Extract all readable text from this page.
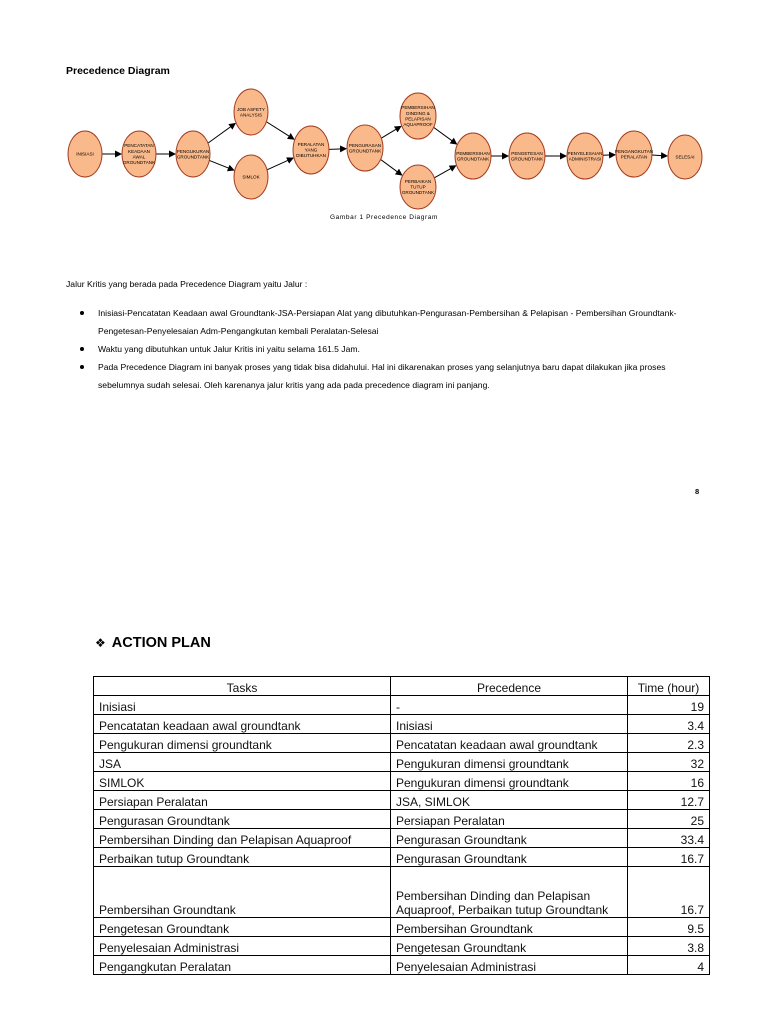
Precedence Diagram
INISIASI
PENCATATAN
KEADAAN
AWAL
GROUNDTANK
PENGUKURAN
GROUNDTANK
JOB ASFETY
ANALYSIS
SIMLOK
PERALATAN
YANG
DIBUTUHKAN
PENGURASAN
GROUNDTANK
PEMBERSIHAN
DINDING &
PELAPISAN
AQUAPROOF
PERBAIKAN
TUTUP
GROUNDTANK
PEMBERSIHAN
GROUNDTANK
PENGETESAN
GROUNDTANK
PENYELESAIAN
ADMINISTRASI
PENGANGKUTAN
PERALATAN	SELESAI
Gambar 1 Precedence Diagram
Jalur Kritis yang berada pada Precedence Diagram yaitu Jalur :
Inisiasi-Pencatatan Keadaan awal Groundtank-JSA-Persiapan Alat yang dibutuhkan-Pengurasan-Pembersihan & Pelapisan - Pembersihan Groundtank-Pengetesan-Penyelesaian Adm-Pengangkutan kembali Peralatan-Selesai
Waktu yang dibutuhkan untuk Jalur Kritis ini yaitu selama 161.5 Jam.
Pada Precedence Diagram ini banyak proses yang tidak bisa didahului. Hal ini dikarenakan proses yang selanjutnya baru dapat dilakukan jika proses sebelumnya sudah selesai. Oleh karenanya jalur kritis yang ada pada precedence diagram ini panjang.
8
❖ ACTION PLAN
Tasks	Precedence	Time (hour)
Inisiasi	-	19
Pencatatan keadaan awal groundtank	Inisiasi	3.4
Pengukuran dimensi groundtank	Pencatatan keadaan awal groundtank	2.3
JSA	Pengukuran dimensi groundtank	32
SIMLOK	Pengukuran dimensi groundtank	16
Persiapan Peralatan	JSA, SIMLOK	12.7
Pengurasan Groundtank	Persiapan Peralatan	25
Pembersihan Dinding dan Pelapisan Aquaproof	Pengurasan Groundtank	33.4
Perbaikan tutup Groundtank	Pengurasan Groundtank	16.7
Pembersihan Groundtank	Pembersihan Dinding dan Pelapisan Aquaproof, Perbaikan tutup Groundtank	16.7
Pengetesan Groundtank	Pembersihan Groundtank	9.5
Penyelesaian Administrasi	Pengetesan Groundtank	3.8
Pengangkutan Peralatan	Penyelesaian Administrasi	4
